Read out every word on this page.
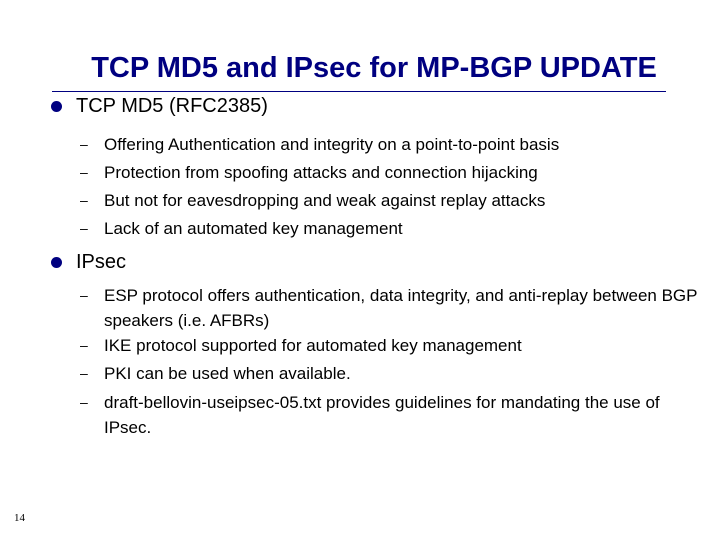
TCP MD5 and IPsec for MP-BGP UPDATE
TCP MD5 (RFC2385)
– Offering Authentication and integrity on a point-to-point basis
– Protection from spoofing attacks and connection hijacking
– But not for eavesdropping and weak against replay attacks
– Lack of an automated key management
IPsec
– ESP protocol offers authentication, data integrity, and anti-replay between BGP speakers (i.e. AFBRs)
– IKE protocol supported for automated key management
– PKI can be used when available.
– draft-bellovin-useipsec-05.txt provides guidelines for mandating the use of IPsec.
14
